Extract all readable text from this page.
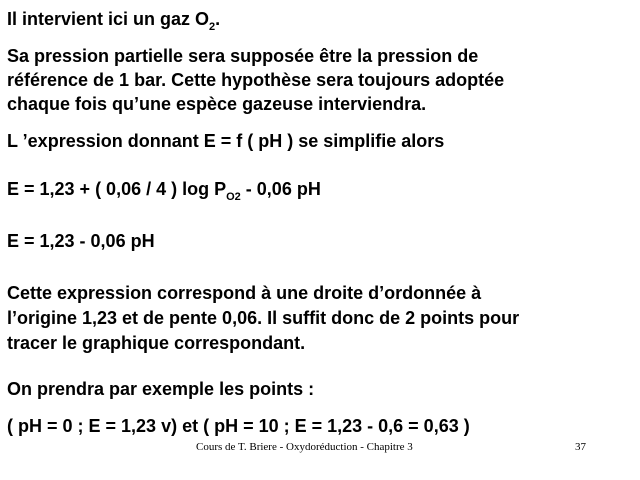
Il intervient ici un gaz $O_2$.

Sa pression partielle sera supposée être la pression de

référence de 1 bar. Cette hypothèse sera toujours adoptée

chaque fois qu’une espèce gazeuse interviendra.

L ’expression donnant E = f ( pH ) se simplifie alors

E = 1,23 + ( 0,06 / 4 ) $\log P_{O2} - 0,06$ pH

E = 1,23 - 0,06 pH

Cette expression correspond à une droite d’ordonnée à

l’origine 1,23 et de pente 0,06. Il suffit donc de 2 points pour

tracer le graphique correspondant.

On prendra par exemple les points :

( pH = 0 ; E = 1,23 v) et ( pH = 10 ; E = 1,23 - 0,6 = 0,63 )

Cours de T. Briere - Oxydoréduction - Chapitre 3	37
